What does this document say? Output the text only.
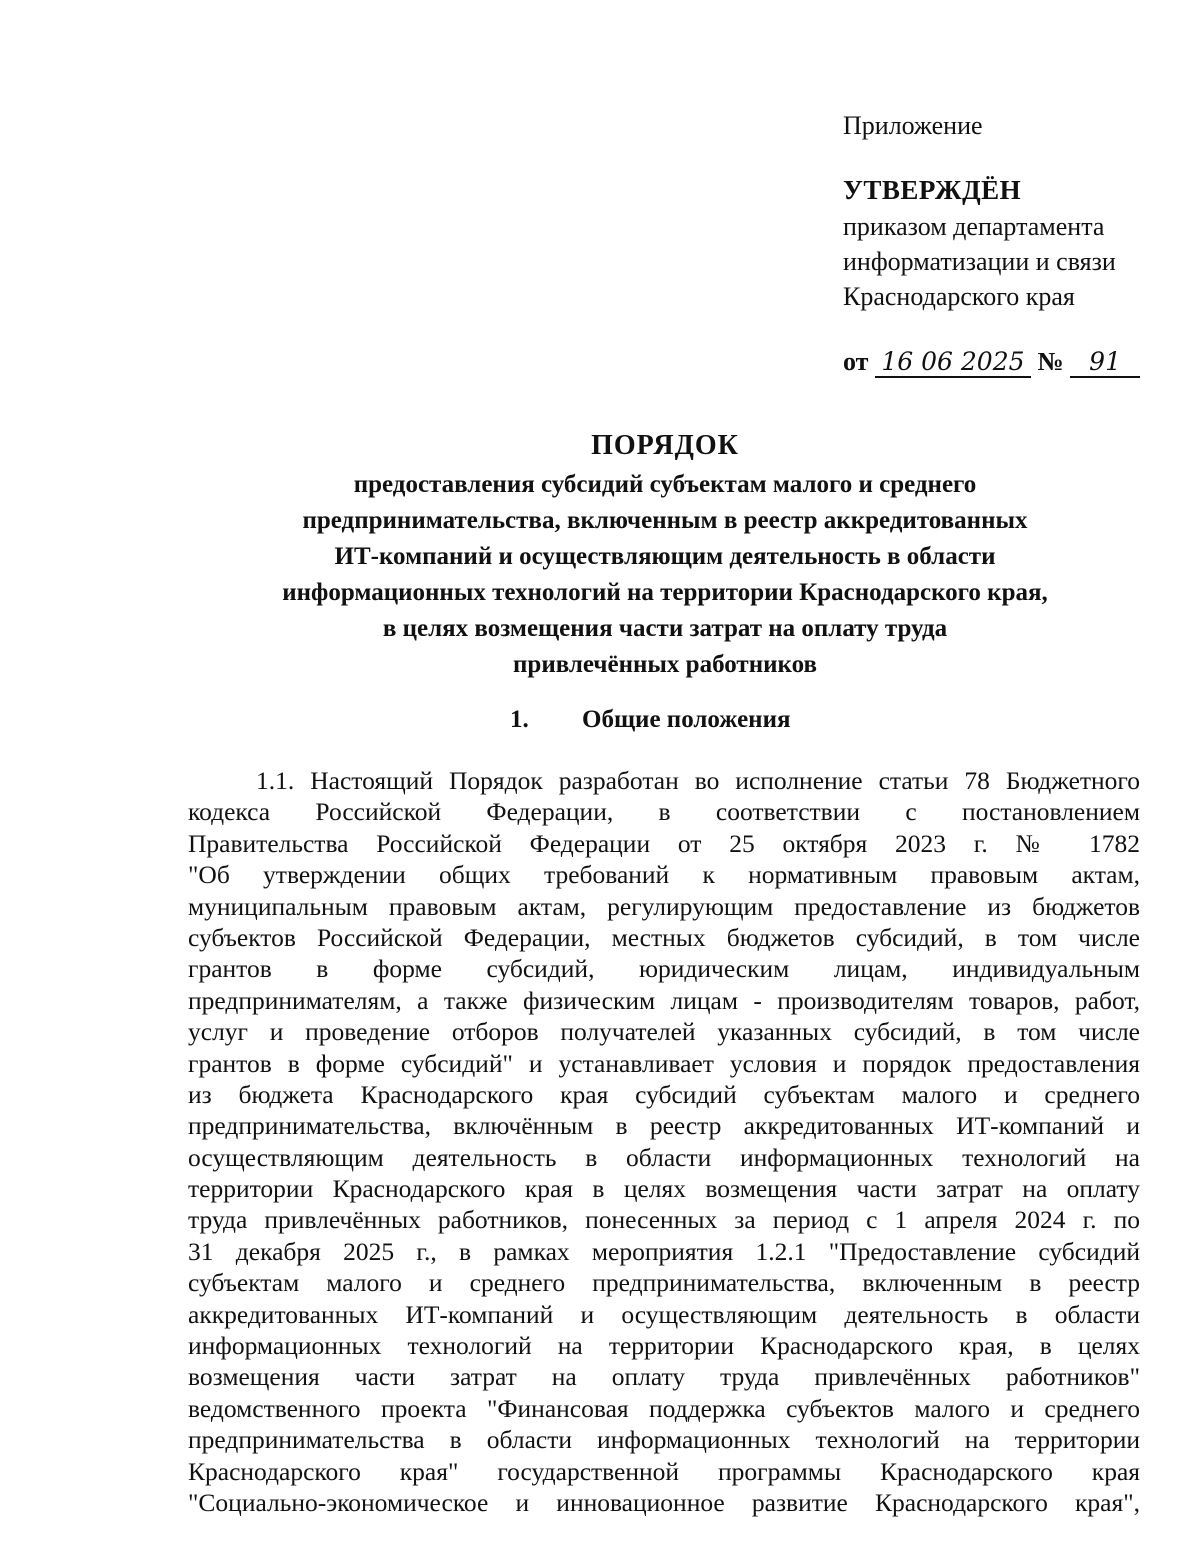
Приложение
УТВЕРЖДЁН
приказом департамента
информатизации и связи
Краснодарского края
от 16 06 2025 № 91
ПОРЯДОК
предоставления субсидий субъектам малого и среднего
предпринимательства, включенным в реестр аккредитованных
ИТ-компаний и осуществляющим деятельность в области
информационных технологий на территории Краснодарского края,
в целях возмещения части затрат на оплату труда
привлечённых работников
1. Общие положения
1.1. Настоящий Порядок разработан во исполнение статьи 78 Бюджетного
кодекса Российской Федерации, в соответствии с постановлением
Правительства Российской Федерации от 25 октября 2023 г. № 1782
"Об утверждении общих требований к нормативным правовым актам,
муниципальным правовым актам, регулирующим предоставление из бюджетов
субъектов Российской Федерации, местных бюджетов субсидий, в том числе
грантов в форме субсидий, юридическим лицам, индивидуальным
предпринимателям, а также физическим лицам - производителям товаров, работ,
услуг и проведение отборов получателей указанных субсидий, в том числе
грантов в форме субсидий" и устанавливает условия и порядок предоставления
из бюджета Краснодарского края субсидий субъектам малого и среднего
предпринимательства, включённым в реестр аккредитованных ИТ-компаний и
осуществляющим деятельность в области информационных технологий на
территории Краснодарского края в целях возмещения части затрат на оплату
труда привлечённых работников, понесенных за период с 1 апреля 2024 г. по
31 декабря 2025 г., в рамках мероприятия 1.2.1 "Предоставление субсидий
субъектам малого и среднего предпринимательства, включенным в реестр
аккредитованных ИТ-компаний и осуществляющим деятельность в области
информационных технологий на территории Краснодарского края, в целях
возмещения части затрат на оплату труда привлечённых работников"
ведомственного проекта "Финансовая поддержка субъектов малого и среднего
предпринимательства в области информационных технологий на территории
Краснодарского края" государственной программы Краснодарского края
"Социально-экономическое и инновационное развитие Краснодарского края",
